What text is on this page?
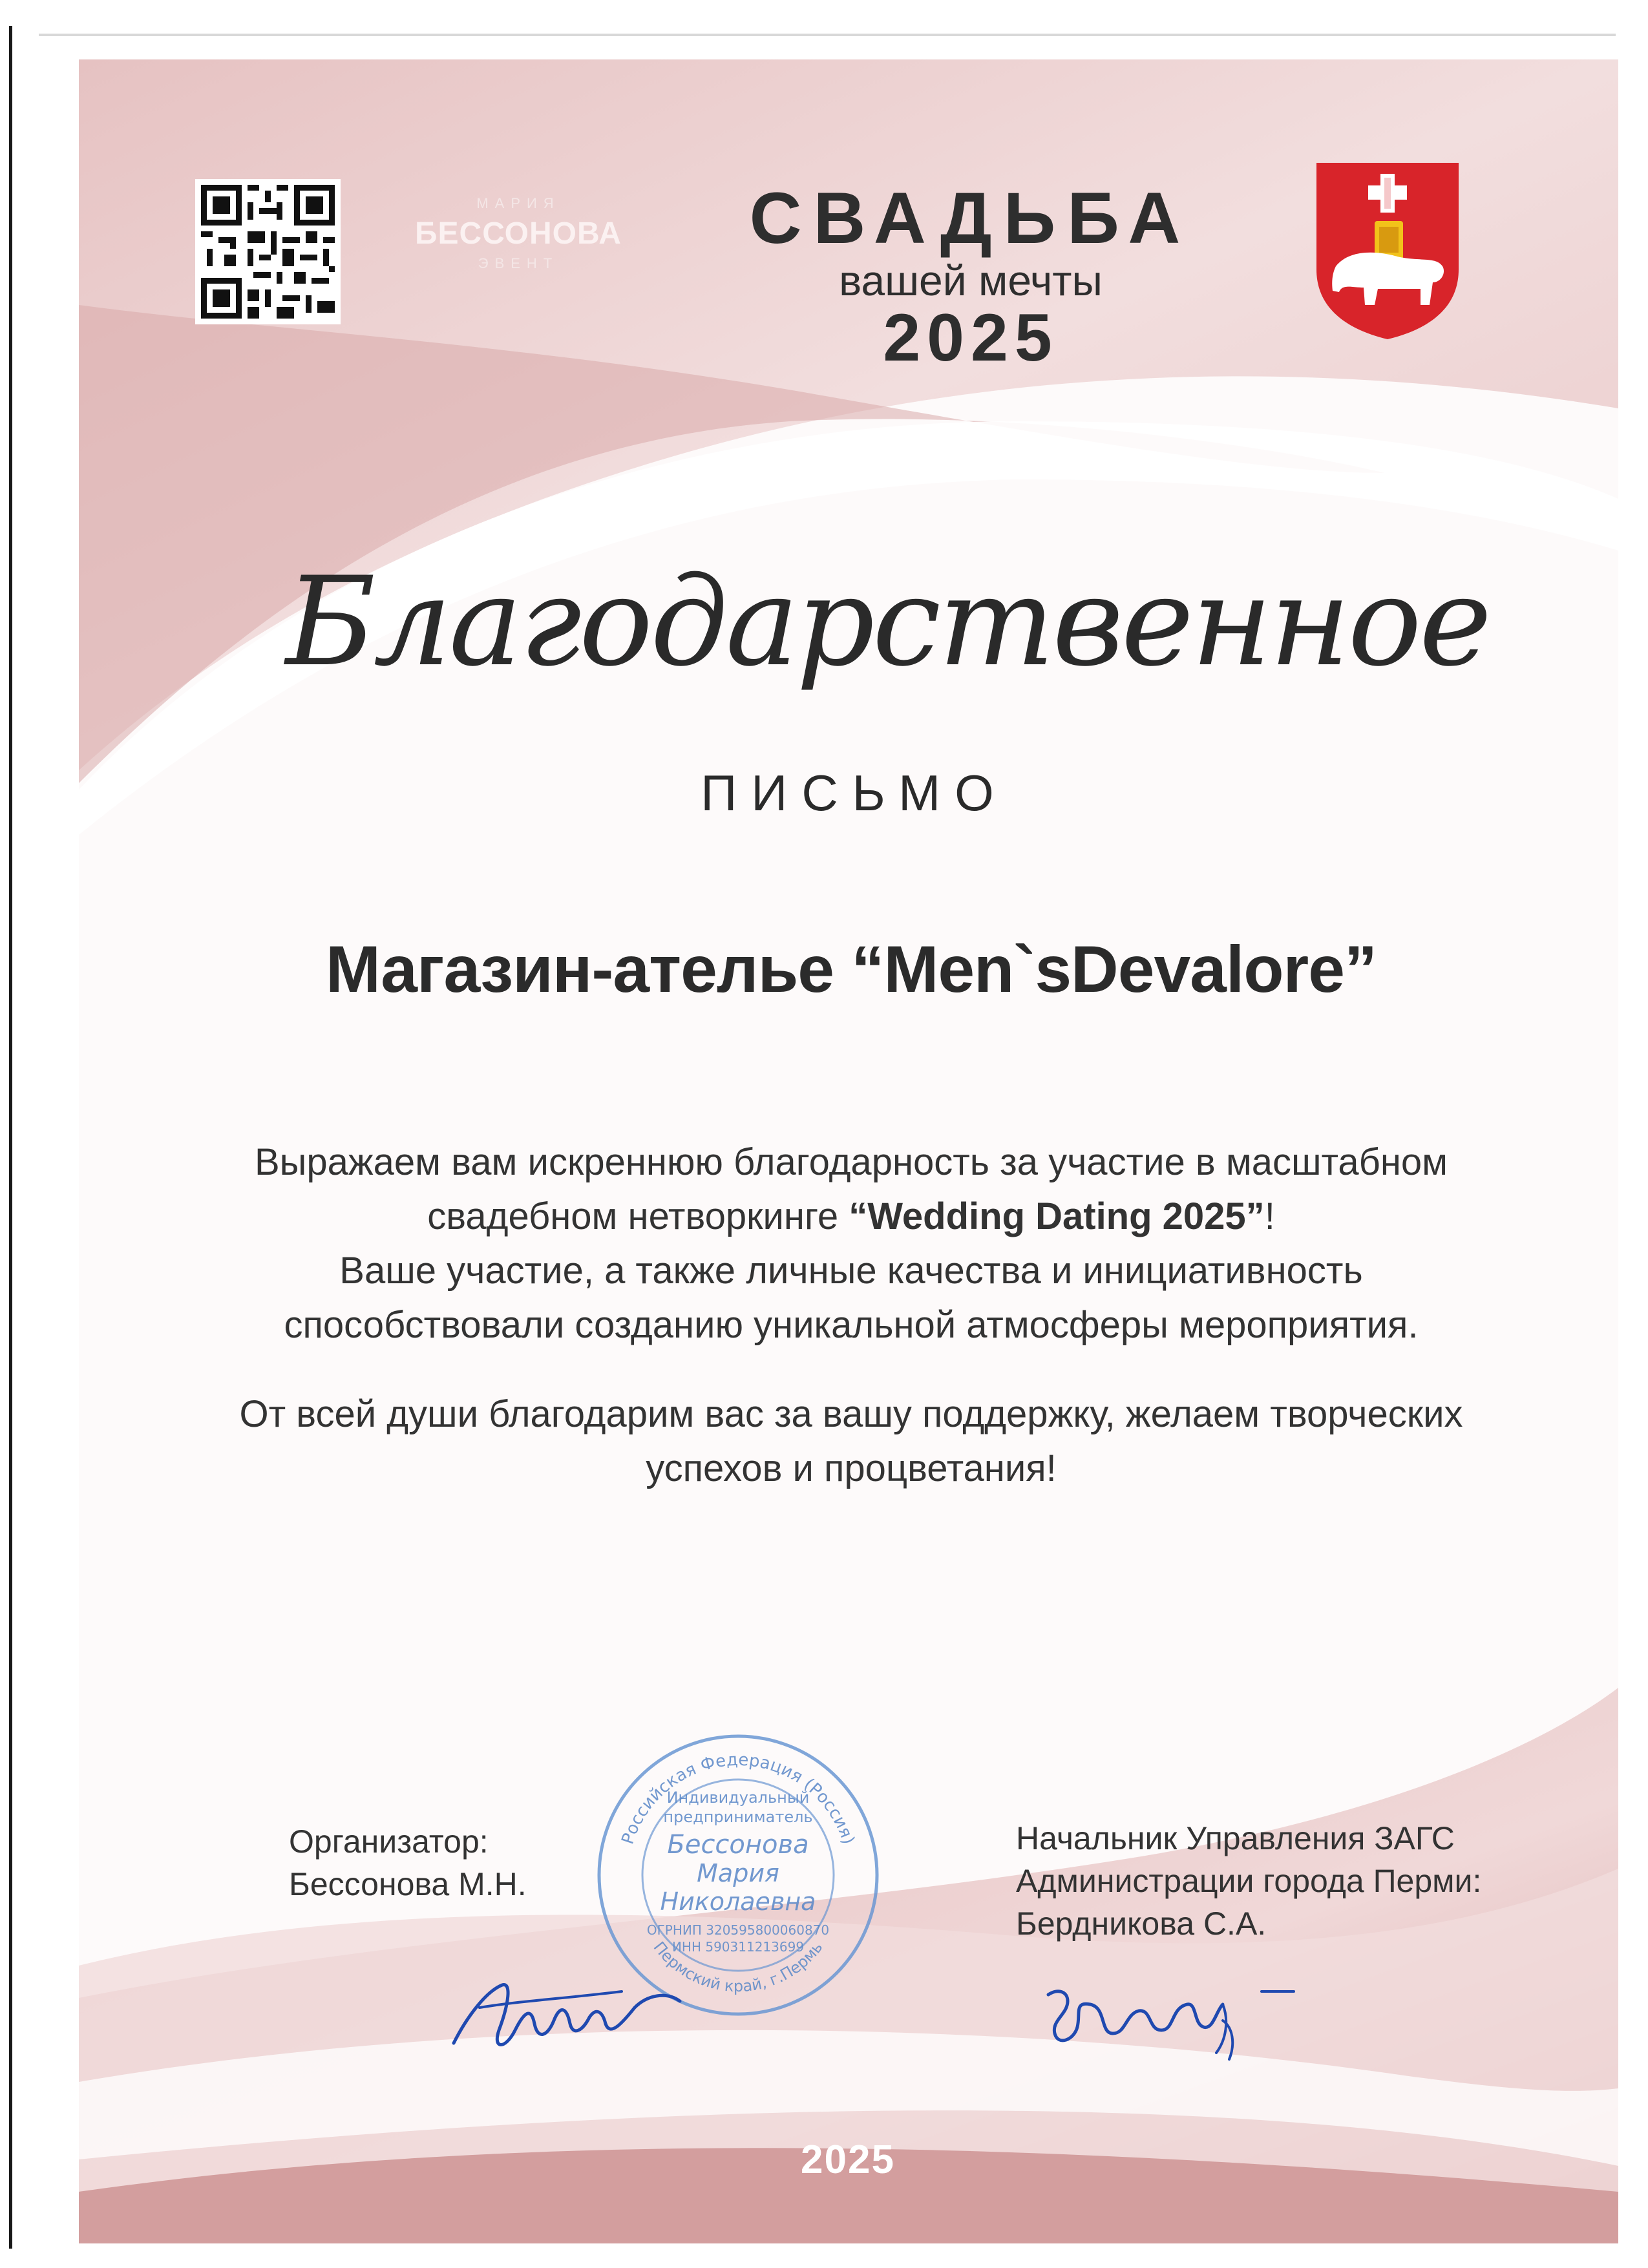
МАРИЯ
БЕССОНОВА
ЭВЕНТ
СВАДЬБА
вашей мечты
2025
Благодарственное
ПИСЬМО
Магазин-ателье “Men`sDevalore”
Выражаем вам искреннюю благодарность за участие в масштабном
свадебном нетворкинге “Wedding Dating 2025”!
Ваше участие, а также личные качества и инициативность
способствовали созданию уникальной атмосферы мероприятия.
От всей души благодарим вас за вашу поддержку, желаем творческих
успехов и процветания!
Российская Федерация (Россия)
Пермский край, г.Пермь
Индивидуальный
предприниматель
Бессонова
Мария
Николаевна
ОГРНИП 320595800060870
ИНН 590311213699
Организатор:
Бессонова М.Н.
Начальник Управления ЗАГС
Администрации города Перми:
Бердникова С.А.
2025
